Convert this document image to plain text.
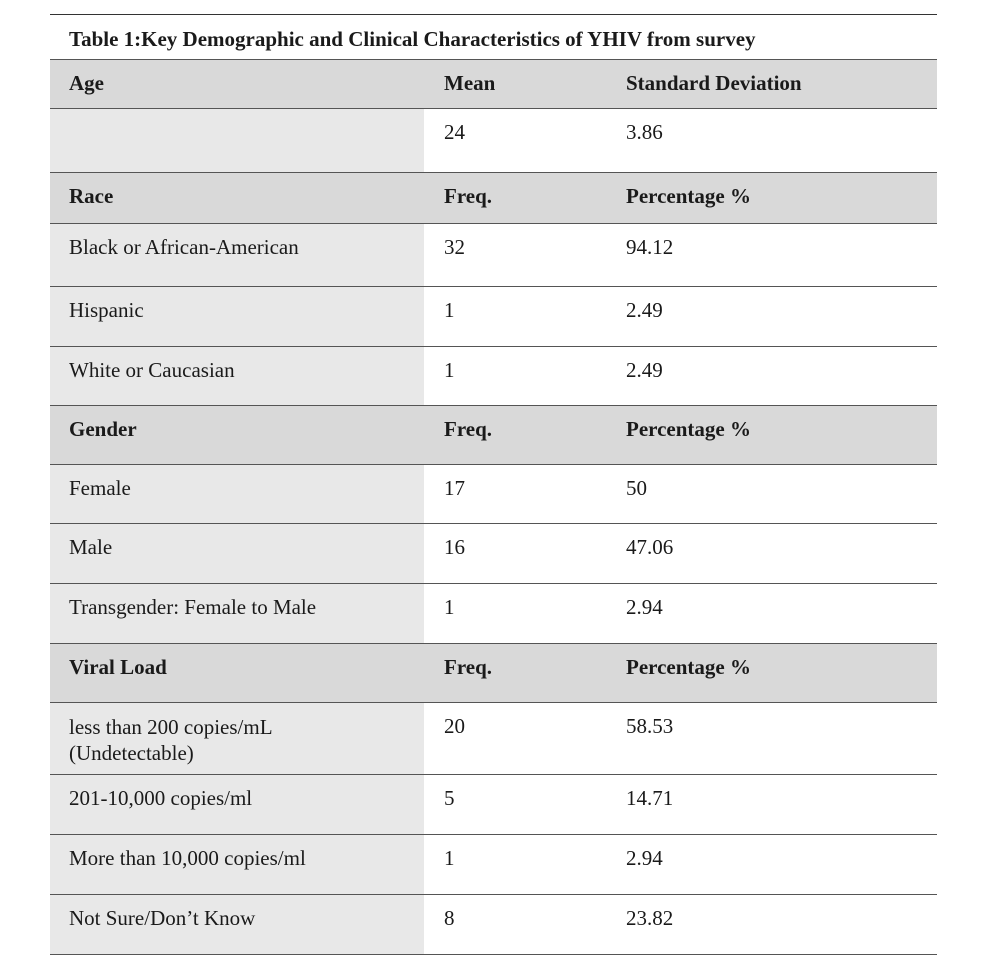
Table 1:Key Demographic and Clinical Characteristics of YHIV from survey
Age	Mean	Standard Deviation
	24	3.86
Race	Freq.	Percentage %
Black or African-American	32	94.12
Hispanic	1	2.49
White or Caucasian	1	2.49
Gender	Freq.	Percentage %
Female	17	50
Male	16	47.06
Transgender: Female to Male	1	2.94
Viral Load	Freq.	Percentage %
less than 200 copies/mL (Undetectable)	20	58.53
201-10,000 copies/ml	5	14.71
More than 10,000 copies/ml	1	2.94
Not Sure/Don’t Know	8	23.82
